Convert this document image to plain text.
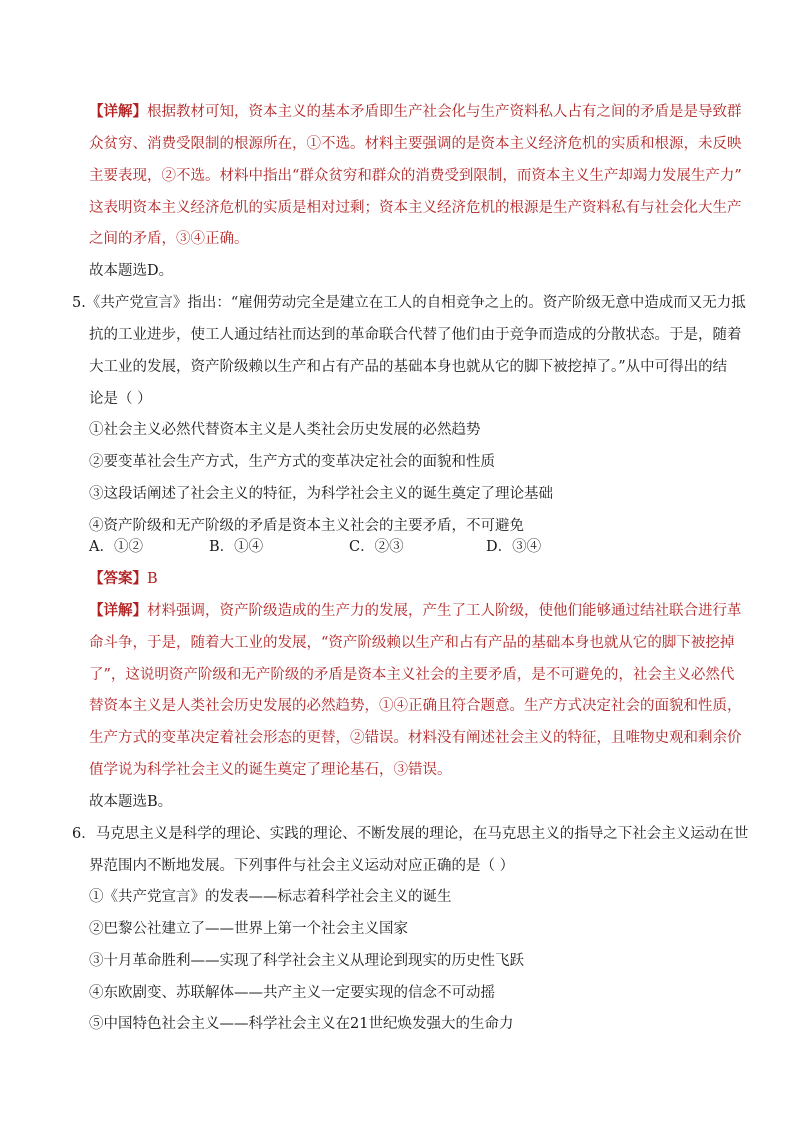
【详解】根据教材可知，资本主义的基本矛盾即生产社会化与生产资料私人占有之间的矛盾是是导致群
众贫穷、消费受限制的根源所在，①不选。材料主要强调的是资本主义经济危机的实质和根源，未反映
主要表现，②不选。材料中指出“群众贫穷和群众的消费受到限制，而资本主义生产却竭力发展生产力”
这表明资本主义经济危机的实质是相对过剩；资本主义经济危机的根源是生产资料私有与社会化大生产
之间的矛盾，③④正确。
故本题选D。
5.《共产党宣言》指出：“雇佣劳动完全是建立在工人的自相竞争之上的。资产阶级无意中造成而又无力抵
抗的工业进步，使工人通过结社而达到的革命联合代替了他们由于竞争而造成的分散状态。于是，随着
大工业的发展，资产阶级赖以生产和占有产品的基础本身也就从它的脚下被挖掉了。”从中可得出的结
论是（ ）
①社会主义必然代替资本主义是人类社会历史发展的必然趋势
②要变革社会生产方式，生产方式的变革决定社会的面貌和性质
③这段话阐述了社会主义的特征，为科学社会主义的诞生奠定了理论基础
④资产阶级和无产阶级的矛盾是资本主义社会的主要矛盾，不可避免
A．①②	B．①④	C．②③	D．③④
【答案】B
【详解】材料强调，资产阶级造成的生产力的发展，产生了工人阶级，使他们能够通过结社联合进行革
命斗争，于是，随着大工业的发展，“资产阶级赖以生产和占有产品的基础本身也就从它的脚下被挖掉
了”，这说明资产阶级和无产阶级的矛盾是资本主义社会的主要矛盾，是不可避免的，社会主义必然代
替资本主义是人类社会历史发展的必然趋势，①④正确且符合题意。生产方式决定社会的面貌和性质，
生产方式的变革决定着社会形态的更替，②错误。材料没有阐述社会主义的特征，且唯物史观和剩余价
值学说为科学社会主义的诞生奠定了理论基石，③错误。
故本题选B。
6．马克思主义是科学的理论、实践的理论、不断发展的理论，在马克思主义的指导之下社会主义运动在世
界范围内不断地发展。下列事件与社会主义运动对应正确的是（ ）
①《共产党宣言》的发表——标志着科学社会主义的诞生
②巴黎公社建立了——世界上第一个社会主义国家
③十月革命胜利——实现了科学社会主义从理论到现实的历史性飞跃
④东欧剧变、苏联解体——共产主义一定要实现的信念不可动摇
⑤中国特色社会主义——科学社会主义在21世纪焕发强大的生命力
